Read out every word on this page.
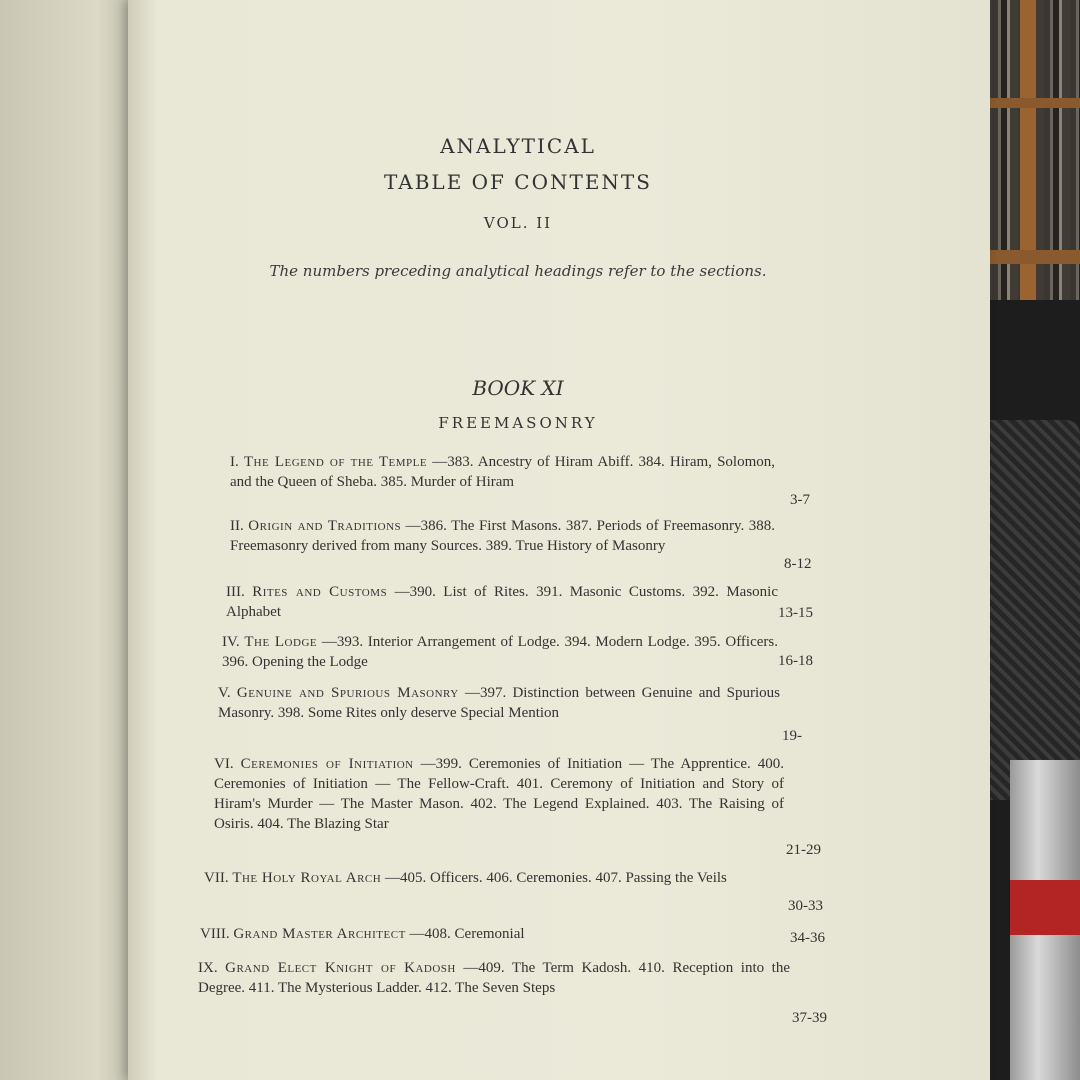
ANALYTICAL
TABLE OF CONTENTS
VOL. II
The numbers preceding analytical headings refer to the sections.
BOOK XI
FREEMASONRY
I. The Legend of the Temple —383. Ancestry of Hiram Abiff. 384. Hiram, Solomon, and the Queen of Sheba. 385. Murder of Hiram
3-7
II. Origin and Traditions —386. The First Masons. 387. Periods of Freemasonry. 388. Freemasonry derived from many Sources. 389. True History of Masonry
8-12
III. Rites and Customs —390. List of Rites. 391. Masonic Customs. 392. Masonic Alphabet	13-15
IV. The Lodge —393. Interior Arrangement of Lodge. 394. Modern Lodge. 395. Officers. 396. Opening the Lodge	16-18
V. Genuine and Spurious Masonry —397. Distinction between Genuine and Spurious Masonry. 398. Some Rites only deserve Special Mention
19-
VI. Ceremonies of Initiation —399. Ceremonies of Initiation — The Apprentice. 400. Ceremonies of Initiation — The Fellow-Craft. 401. Ceremony of Initiation and Story of Hiram's Murder — The Master Mason. 402. The Legend Explained. 403. The Raising of Osiris. 404. The Blazing Star
21-29
VII. The Holy Royal Arch —405. Officers. 406. Ceremonies. 407. Passing the Veils
30-33
VIII. Grand Master Architect —408. Ceremonial	34-36
IX. Grand Elect Knight of Kadosh —409. The Term Kadosh. 410. Reception into the Degree. 411. The Mysterious Ladder. 412. The Seven Steps
37-39
